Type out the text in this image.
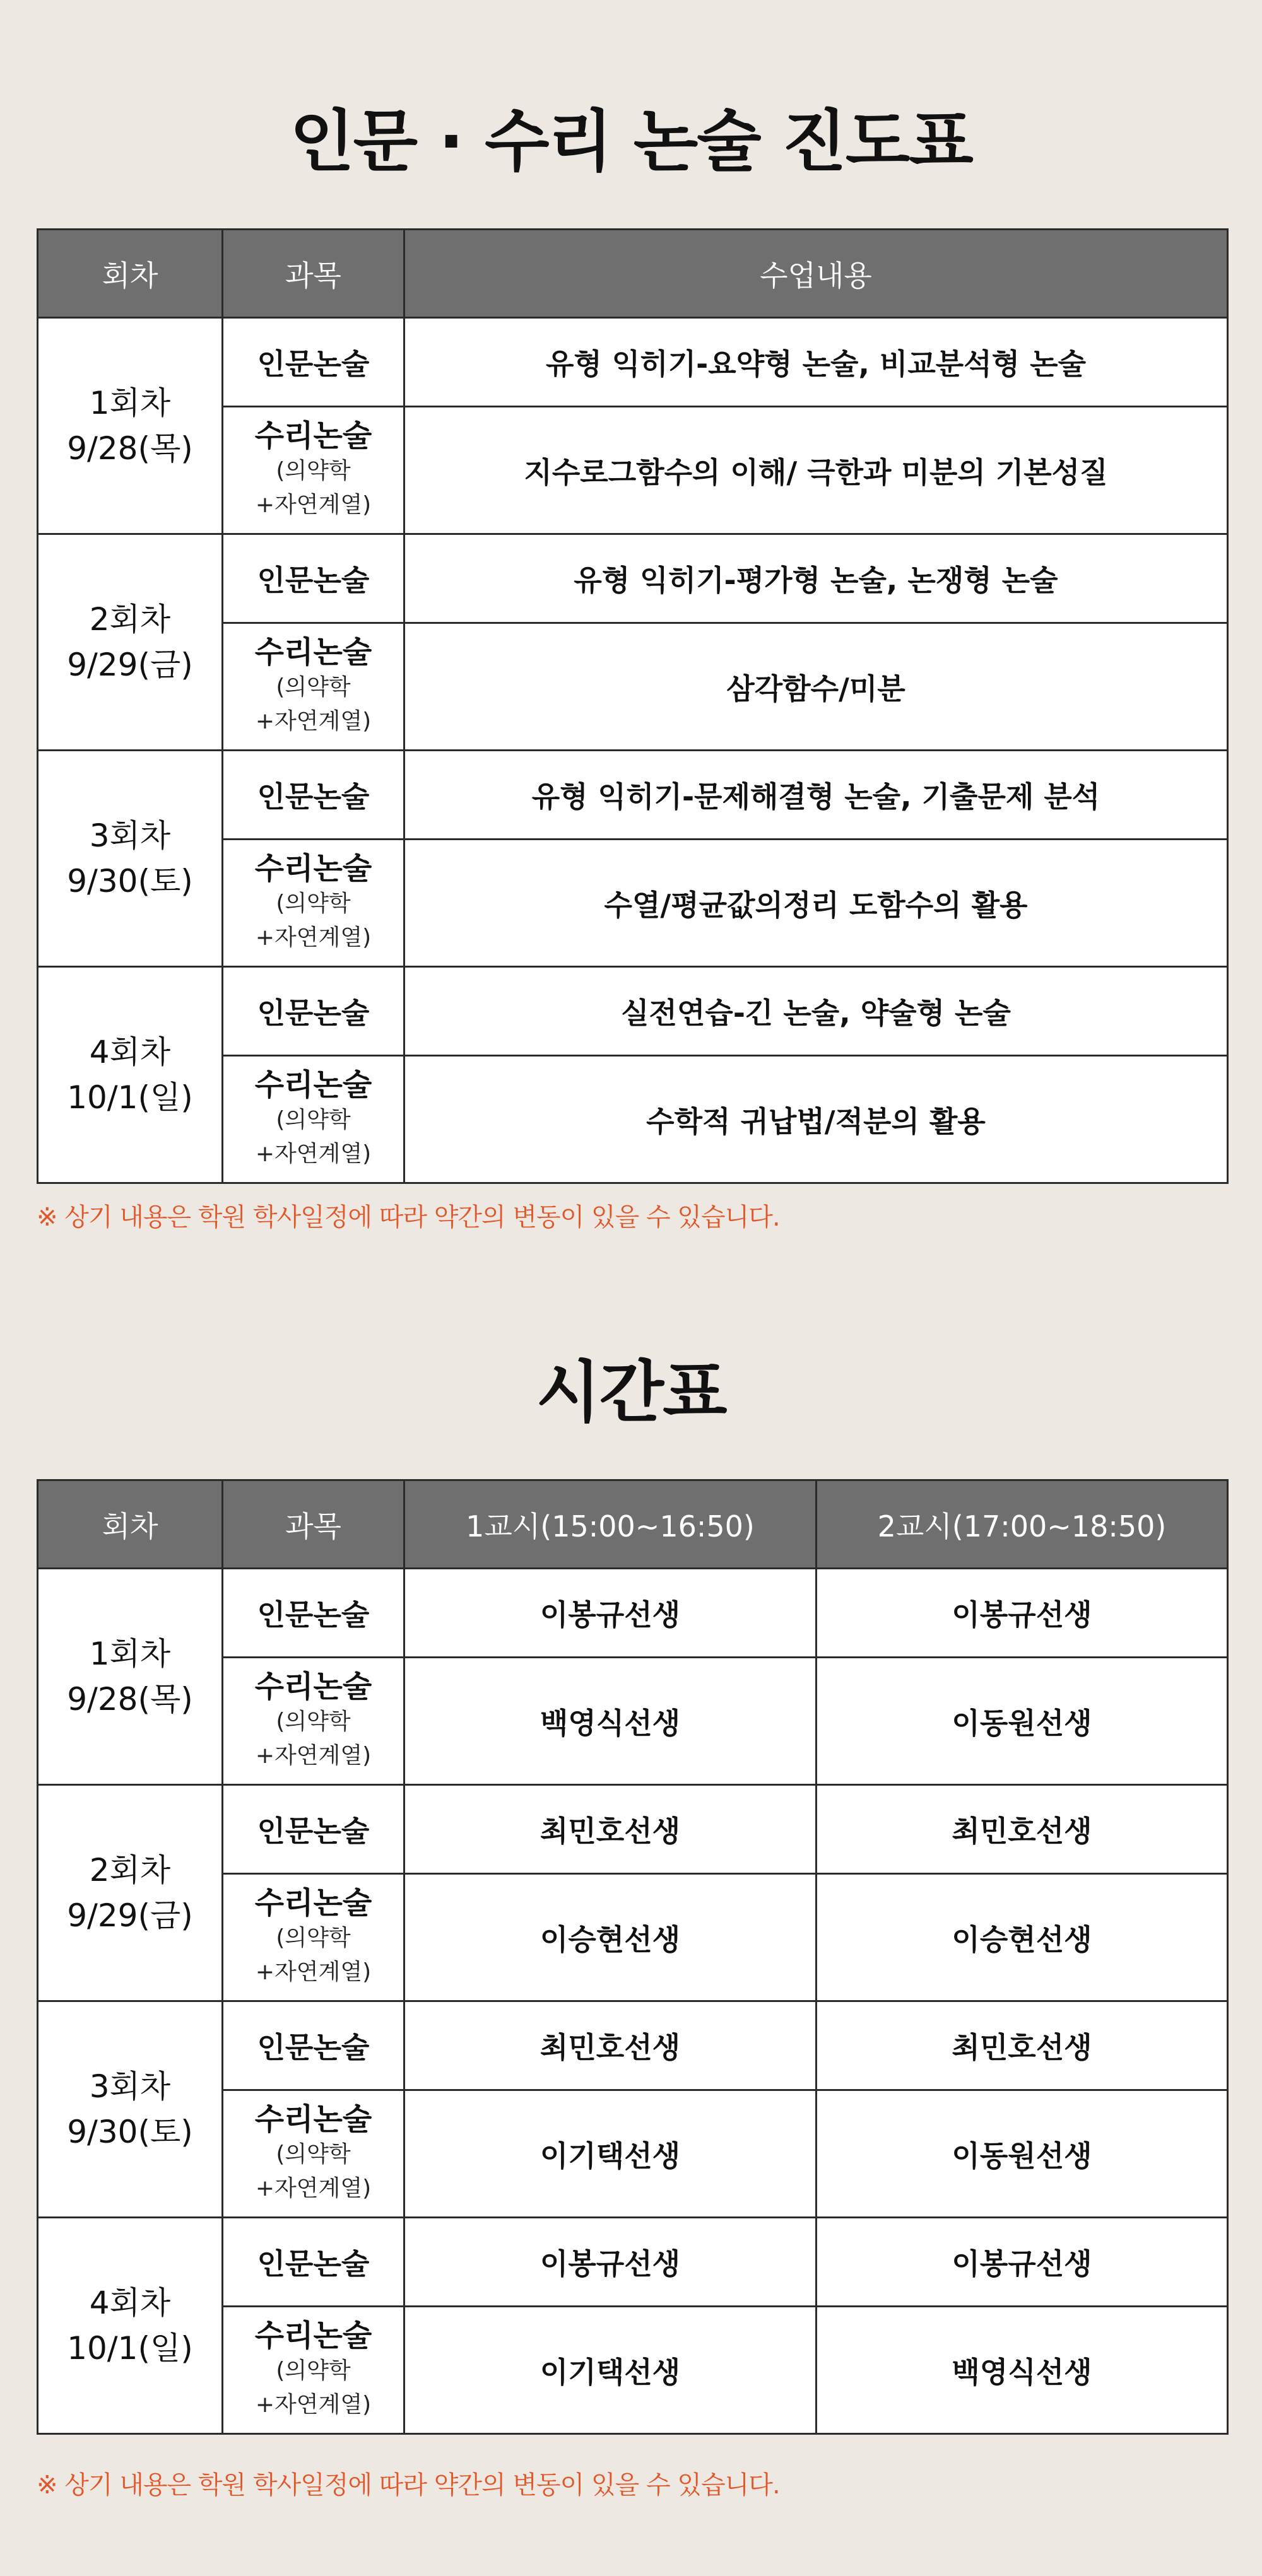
인문 · 수리 논술 진도표
회차	과목	수업내용

1회차
9/28(목)	인문논술	유형 익히기-요약형 논술, 비교분석형 논술

	수리논술
(의약학
+자연계열)	지수로그함수의 이해/ 극한과 미분의 기본성질

2회차
9/29(금)	인문논술	유형 익히기-평가형 논술, 논쟁형 논술

	수리논술
(의약학
+자연계열)	삼각함수/미분

3회차
9/30(토)	인문논술	유형 익히기-문제해결형 논술, 기출문제 분석

	수리논술
(의약학
+자연계열)	수열/평균값의정리 도함수의 활용

4회차
10/1(일)	인문논술	실전연습-긴 논술, 약술형 논술

	수리논술
(의약학
+자연계열)	수학적 귀납법/적분의 활용

※ 상기 내용은 학원 학사일정에 따라 약간의 변동이 있을 수 있습니다.

시간표
회차	과목	1교시(15:00~16:50)	2교시(17:00~18:50)

1회차
9/28(목)	인문논술	이봉규선생	이봉규선생

	수리논술
(의약학
+자연계열)	백영식선생	이동원선생

2회차
9/29(금)	인문논술	최민호선생	최민호선생

	수리논술
(의약학
+자연계열)	이승현선생	이승현선생

3회차
9/30(토)	인문논술	최민호선생	최민호선생

	수리논술
(의약학
+자연계열)	이기택선생	이동원선생

4회차
10/1(일)	인문논술	이봉규선생	이봉규선생

	수리논술
(의약학
+자연계열)	이기택선생	백영식선생

※ 상기 내용은 학원 학사일정에 따라 약간의 변동이 있을 수 있습니다.
